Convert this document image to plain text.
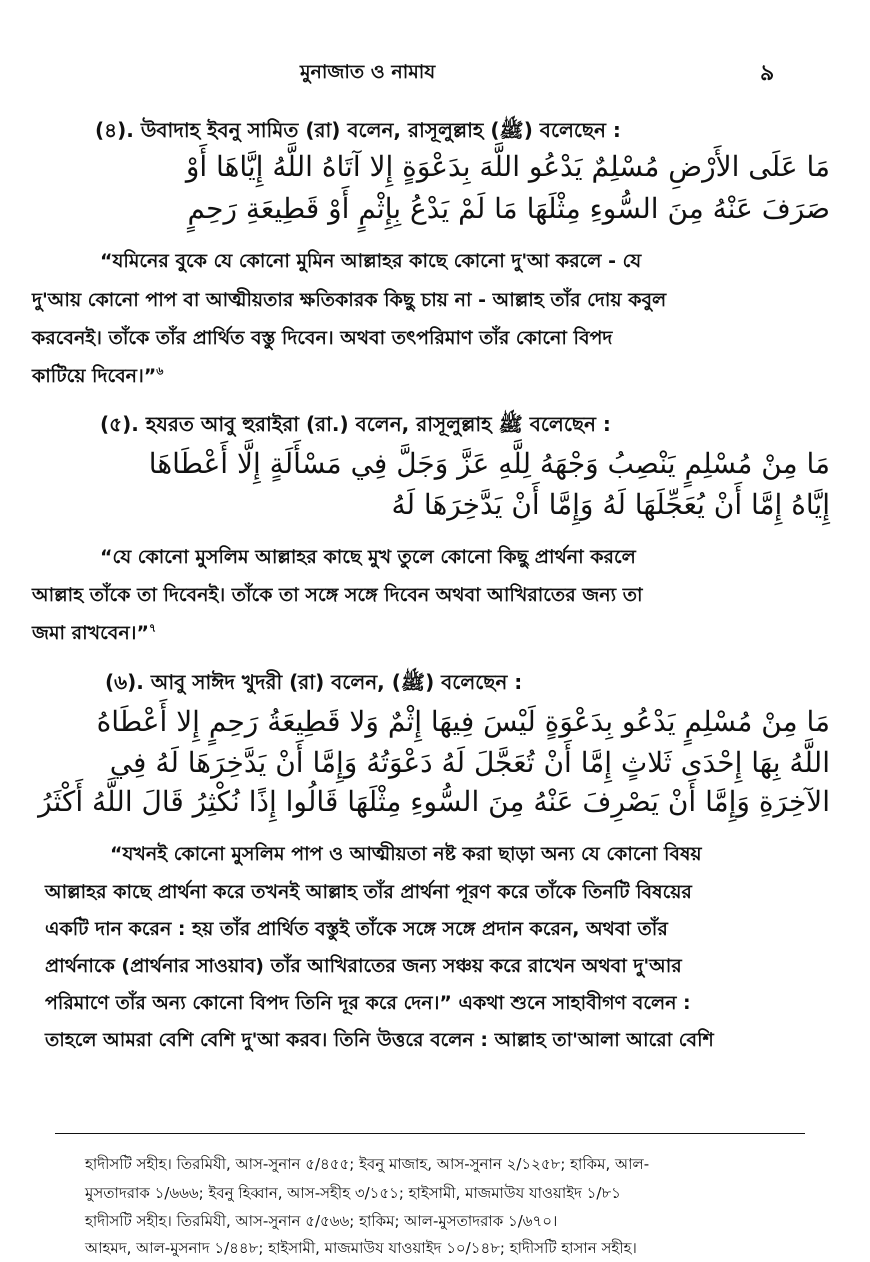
মুনাজাত ও নামায	৯
(৪). উবাদাহ ইবনু সামিত (রা) বলেন, রাসূলুল্লাহ (ﷺ) বলেছেন :
مَا عَلَى الأَرْضِ مُسْلِمٌ يَدْعُو اللَّهَ بِدَعْوَةٍ إِلا آتَاهُ اللَّهُ إِيَّاهَا أَوْ
صَرَفَ عَنْهُ مِنَ السُّوءِ مِثْلَهَا مَا لَمْ يَدْعُ بِإِثْمٍ أَوْ قَطِيعَةِ رَحِمٍ
“যমিনের বুকে যে কোনো মুমিন আল্লাহর কাছে কোনো দু'আ করলে - যে
দু'আয় কোনো পাপ বা আত্মীয়তার ক্ষতিকারক কিছু চায় না - আল্লাহ তাঁর দোয় কবুল
করবেনই। তাঁকে তাঁর প্রার্থিত বস্তু দিবেন। অথবা তৎপরিমাণ তাঁর কোনো বিপদ
কাটিয়ে দিবেন।”$^৬$
(৫). হযরত আবু হুরাইরা (রা.) বলেন, রাসূলুল্লাহ ﷺ বলেছেন :
مَا مِنْ مُسْلِمٍ يَنْصِبُ وَجْهَهُ لِلَّهِ عَزَّ وَجَلَّ فِي مَسْأَلَةٍ إِلَّا أَعْطَاهَا
إِيَّاهُ إِمَّا أَنْ يُعَجِّلَهَا لَهُ وَإِمَّا أَنْ يَدَّخِرَهَا لَهُ
“যে কোনো মুসলিম আল্লাহর কাছে মুখ তুলে কোনো কিছু প্রার্থনা করলে
আল্লাহ তাঁকে তা দিবেনই। তাঁকে তা সঙ্গে সঙ্গে দিবেন অথবা আখিরাতের জন্য তা
জমা রাখবেন।”$^৭$
(৬). আবু সাঈদ খুদরী (রা) বলেন, (ﷺ) বলেছেন :
مَا مِنْ مُسْلِمٍ يَدْعُو بِدَعْوَةٍ لَيْسَ فِيهَا إِثْمٌ وَلا قَطِيعَةُ رَحِمٍ إِلا أَعْطَاهُ
اللَّهُ بِهَا إِحْدَى ثَلاثٍ إِمَّا أَنْ تُعَجَّلَ لَهُ دَعْوَتُهُ وَإِمَّا أَنْ يَدَّخِرَهَا لَهُ فِي
الآخِرَةِ وَإِمَّا أَنْ يَصْرِفَ عَنْهُ مِنَ السُّوءِ مِثْلَهَا قَالُوا إِذًا نُكْثِرُ قَالَ اللَّهُ أَكْثَرُ
“যখনই কোনো মুসলিম পাপ ও আত্মীয়তা নষ্ট করা ছাড়া অন্য যে কোনো বিষয়
আল্লাহর কাছে প্রার্থনা করে তখনই আল্লাহ তাঁর প্রার্থনা পূরণ করে তাঁকে তিনটি বিষয়ের
একটি দান করেন : হয় তাঁর প্রার্থিত বস্তুই তাঁকে সঙ্গে সঙ্গে প্রদান করেন, অথবা তাঁর
প্রার্থনাকে (প্রার্থনার সাওয়াব) তাঁর আখিরাতের জন্য সঞ্চয় করে রাখেন অথবা দু'আর
পরিমাণে তাঁর অন্য কোনো বিপদ তিনি দূর করে দেন।” একথা শুনে সাহাবীগণ বলেন :
তাহলে আমরা বেশি বেশি দু'আ করব। তিনি উত্তরে বলেন : আল্লাহ তা'আলা আরো বেশি
হাদীসটি সহীহ। তিরমিযী, আস-সুনান ৫/৪৫৫; ইবনু মাজাহ, আস-সুনান ২/১২৫৮; হাকিম, আল-
মুসতাদরাক ১/৬৬৬; ইবনু হিব্বান, আস-সহীহ ৩/১৫১; হাইসামী, মাজমাউয যাওয়াইদ ১/৮১
হাদীসটি সহীহ। তিরমিযী, আস-সুনান ৫/৫৬৬; হাকিম; আল-মুসতাদরাক ১/৬৭০।
আহমদ, আল-মুসনাদ ১/৪৪৮; হাইসামী, মাজমাউয যাওয়াইদ ১০/১৪৮; হাদীসটি হাসান সহীহ।
